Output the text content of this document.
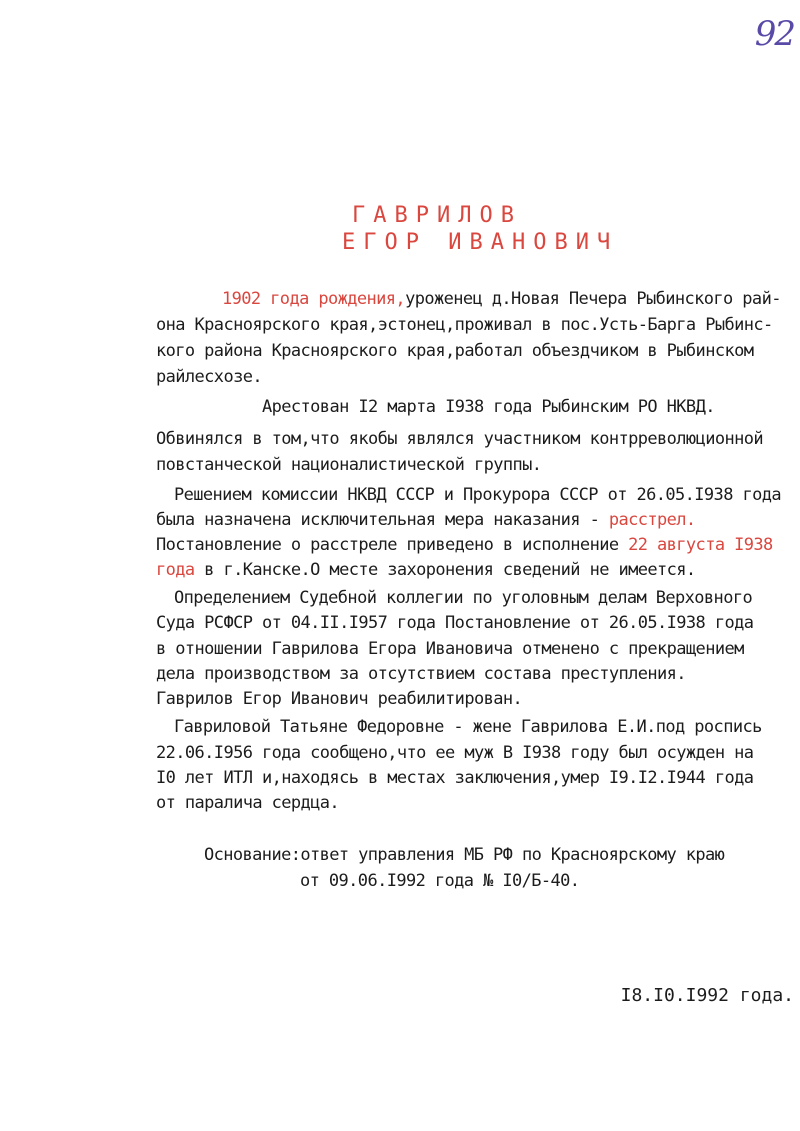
92
ГАВРИЛОВ
ЕГОР ИВАНОВИЧ
1902 года рождения,уроженец д.Новая Печера Рыбинского рай-
она Красноярского края,эстонец,проживал в пос.Усть-Барга Рыбинс-
кого района Красноярского края,работал объездчиком в Рыбинском
райлесхозе.
Арестован I2 марта I938 года Рыбинским РО НКВД.
Обвинялся в том,что якобы являлся участником контрреволюционной
повстанческой националистической группы.
Решением комиссии НКВД СССР и Прокурора СССР от 26.05.I938 года
была назначена исключительная мера наказания - расстрел.
Постановление о расстреле приведено в исполнение 22 августа I938
года в г.Канске.О месте захоронения сведений не имеется.
Определением Судебной коллегии по уголовным делам Верховного
Суда РСФСР от 04.II.I957 года Постановление от 26.05.I938 года
в отношении Гаврилова Егора Ивановича отменено с прекращением
дела производством за отсутствием состава преступления.
Гаврилов Егор Иванович реабилитирован.
Гавриловой Татьяне Федоровне - жене Гаврилова Е.И.под роспись
22.06.I956 года сообщено,что ее муж В I938 году был осужден на
I0 лет ИТЛ и,находясь в местах заключения,умер I9.I2.I944 года
от паралича сердца.
Основание:ответ управления МБ РФ по Красноярскому краю
от 09.06.I992 года № I0/Б-40.
I8.I0.I992 года.
